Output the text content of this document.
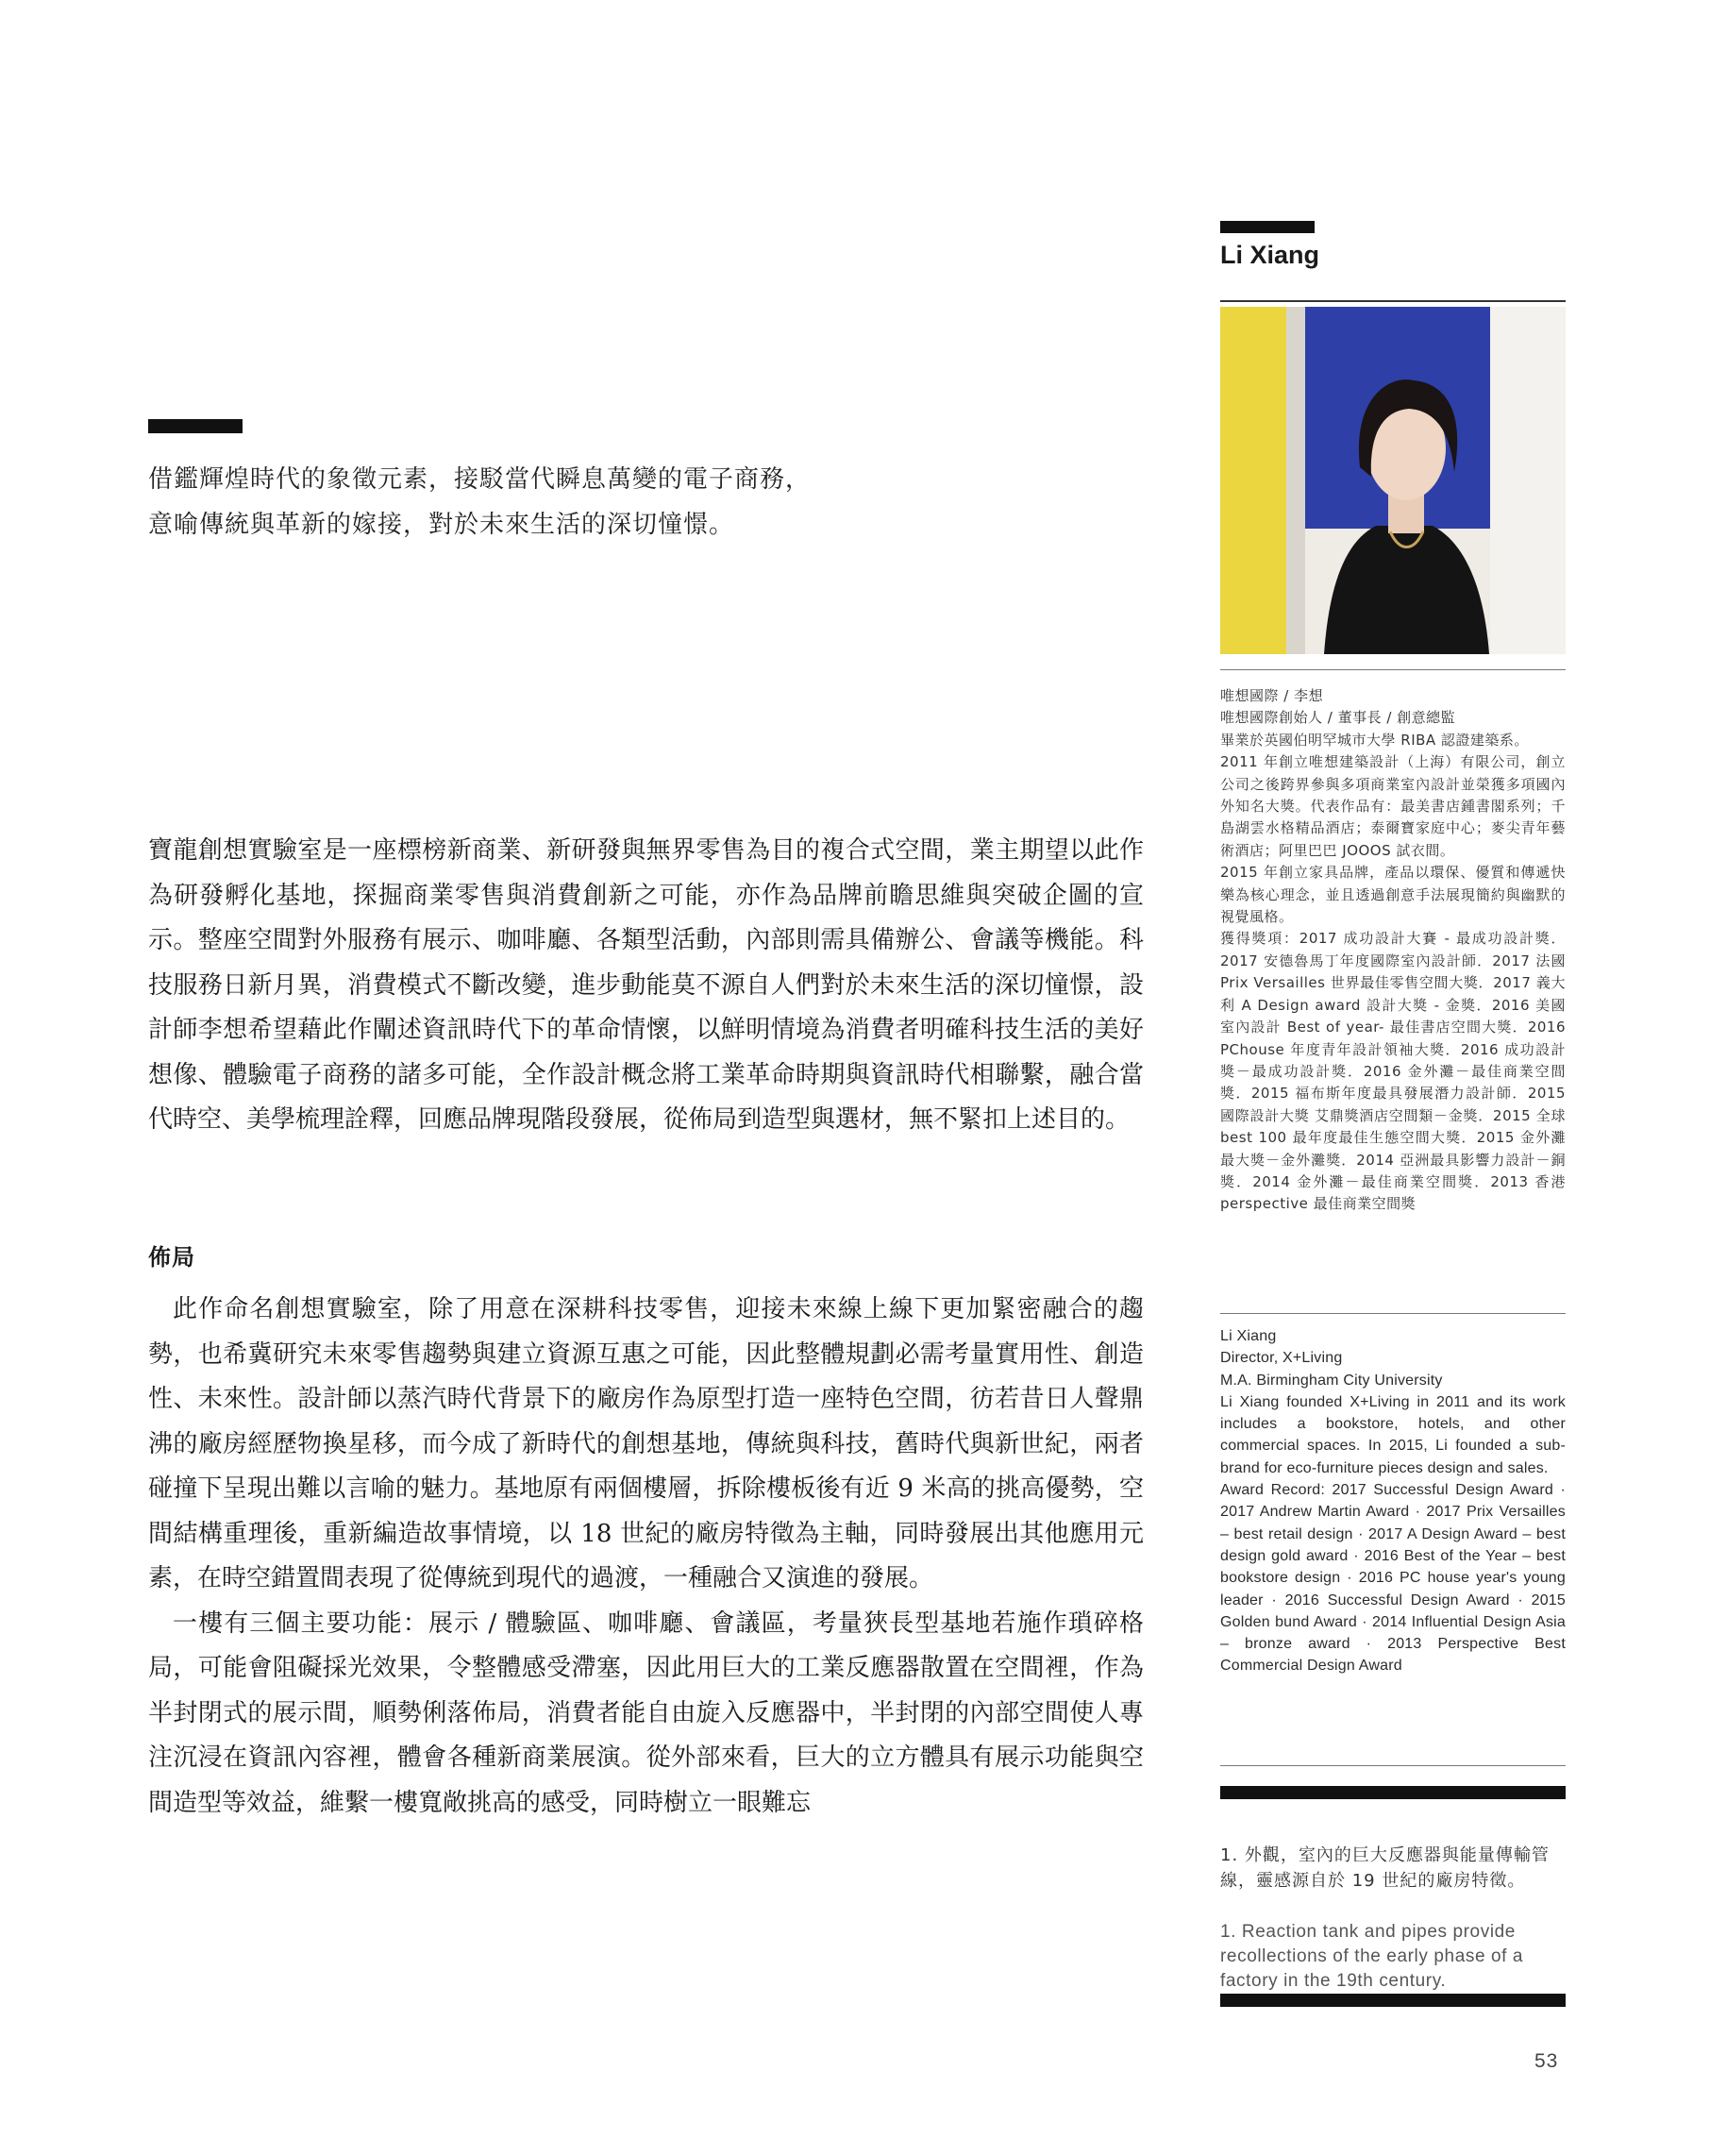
借鑑輝煌時代的象徵元素，接駁當代瞬息萬變的電子商務，

意喻傳統與革新的嫁接，對於未來生活的深切憧憬。

寶龍創想實驗室是一座標榜新商業、新研發與無界零售為目的複合式空間，業主期望以此作為研發孵化基地，探掘商業零售與消費創新之可能，亦作為品牌前瞻思維與突破企圖的宣示。整座空間對外服務有展示、咖啡廳、各類型活動，內部則需具備辦公、會議等機能。科技服務日新月異，消費模式不斷改變，進步動能莫不源自人們對於未來生活的深切憧憬，設計師李想希望藉此作闡述資訊時代下的革命情懷，以鮮明情境為消費者明確科技生活的美好想像、體驗電子商務的諸多可能，全作設計概念將工業革命時期與資訊時代相聯繫，融合當代時空、美學梳理詮釋，回應品牌現階段發展，從佈局到造型與選材，無不緊扣上述目的。
佈局

此作命名創想實驗室，除了用意在深耕科技零售，迎接未來線上線下更加緊密融合的趨勢，也希冀研究未來零售趨勢與建立資源互惠之可能，因此整體規劃必需考量實用性、創造性、未來性。設計師以蒸汽時代背景下的廠房作為原型打造一座特色空間，彷若昔日人聲鼎沸的廠房經歷物換星移，而今成了新時代的創想基地，傳統與科技，舊時代與新世紀，兩者碰撞下呈現出難以言喻的魅力。基地原有兩個樓層，拆除樓板後有近 9 米高的挑高優勢，空間結構重理後，重新編造故事情境，以 18 世紀的廠房特徵為主軸，同時發展出其他應用元素，在時空錯置間表現了從傳統到現代的過渡，一種融合又演進的發展。

一樓有三個主要功能：展示 / 體驗區、咖啡廳、會議區，考量狹長型基地若施作瑣碎格局，可能會阻礙採光效果，令整體感受滯塞，因此用巨大的工業反應器散置在空間裡，作為半封閉式的展示間，順勢俐落佈局，消費者能自由旋入反應器中，半封閉的內部空間使人專注沉浸在資訊內容裡，體會各種新商業展演。從外部來看，巨大的立方體具有展示功能與空間造型等效益，維繫一樓寬敞挑高的感受，同時樹立一眼難忘

Li Xiang
唯想國際 / 李想
唯想國際創始人 / 董事長 / 創意總監
畢業於英國伯明罕城市大學 RIBA 認證建築系。
2011 年創立唯想建築設計（上海）有限公司，創立公司之後跨界參與多項商業室內設計並榮獲多項國內外知名大獎。代表作品有：最美書店鍾書閣系列；千島湖雲水格精品酒店；泰爾寶家庭中心；麥尖青年藝術酒店；阿里巴巴 JOOOS 試衣間。
2015 年創立家具品牌，產品以環保、優質和傳遞快樂為核心理念，並且透過創意手法展現簡約與幽默的視覺風格。
獲得獎項：2017 成功設計大賽 - 最成功設計獎．2017 安德魯馬丁年度國際室內設計師．2017 法國 Prix Versailles 世界最佳零售空間大獎．2017 義大利 A Design award 設計大獎 - 金獎．2016 美國室內設計 Best of year- 最佳書店空間大獎．2016 PChouse 年度青年設計領袖大獎．2016 成功設計獎－最成功設計獎．2016 金外灘－最佳商業空間獎．2015 福布斯年度最具發展潛力設計師．2015 國際設計大獎 艾鼎獎酒店空間類－金獎．2015 全球 best 100 最年度最佳生態空間大獎．2015 金外灘最大獎－金外灘獎．2014 亞洲最具影響力設計－銅獎．2014 金外灘－最佳商業空間獎．2013 香港 perspective 最佳商業空間獎
Li Xiang
Director, X+Living
M.A. Birmingham City University
Li Xiang founded X+Living in 2011 and its work includes a bookstore, hotels, and other commercial spaces. In 2015, Li founded a sub-brand for eco-furniture pieces design and sales.
Award Record: 2017 Successful Design Award · 2017 Andrew Martin Award · 2017 Prix Versailles – best retail design · 2017 A Design Award – best design gold award · 2016 Best of the Year – best bookstore design · 2016 PC house year's young leader · 2016 Successful Design Award · 2015 Golden bund Award · 2014 Influential Design Asia – bronze award · 2013 Perspective Best Commercial Design Award
1. 外觀，室內的巨大反應器與能量傳輸管線，靈感源自於 19 世紀的廠房特徵。
1. Reaction tank and pipes provide recollections of the early phase of a factory in the 19th century.
53
